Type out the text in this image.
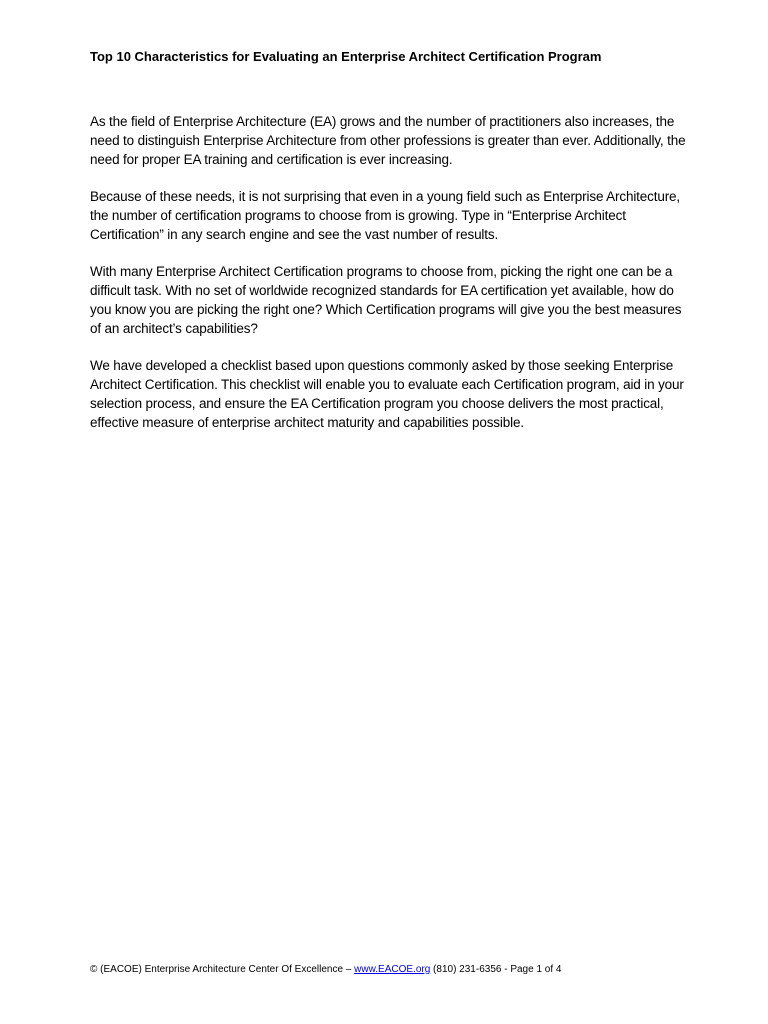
Top 10 Characteristics for Evaluating an Enterprise Architect Certification Program

As the field of Enterprise Architecture (EA) grows and the number of practitioners also increases, the need to distinguish Enterprise Architecture from other professions is greater than ever. Additionally, the need for proper EA training and certification is ever increasing.

Because of these needs, it is not surprising that even in a young field such as Enterprise Architecture, the number of certification programs to choose from is growing. Type in “Enterprise Architect Certification” in any search engine and see the vast number of results.

With many Enterprise Architect Certification programs to choose from, picking the right one can be a difficult task. With no set of worldwide recognized standards for EA certification yet available, how do you know you are picking the right one? Which Certification programs will give you the best measures of an architect’s capabilities?

We have developed a checklist based upon questions commonly asked by those seeking Enterprise Architect Certification. This checklist will enable you to evaluate each Certification program, aid in your selection process, and ensure the EA Certification program you choose delivers the most practical, effective measure of enterprise architect maturity and capabilities possible.

© (EACOE) Enterprise Architecture Center Of Excellence – www.EACOE.org (810) 231-6356 - Page 1 of 4
